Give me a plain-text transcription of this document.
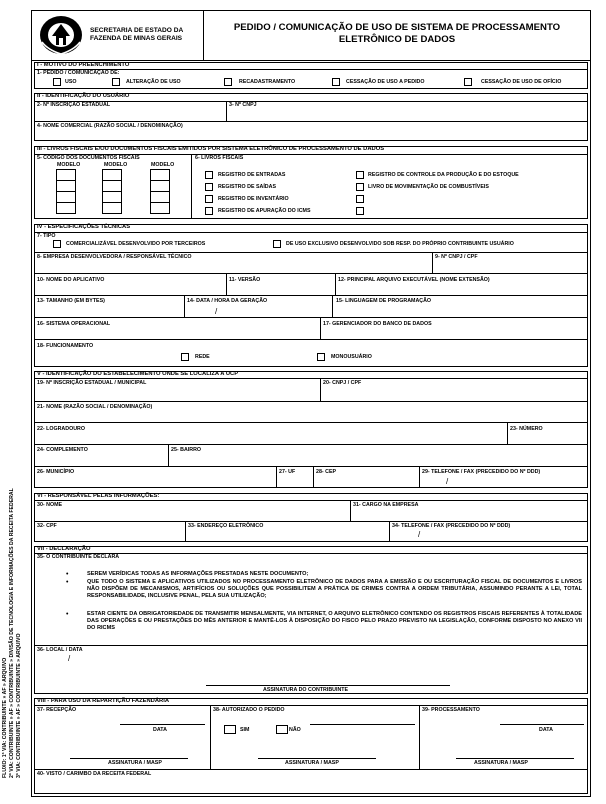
SECRETARIA DE ESTADO DA
FAZENDA DE MINAS GERAIS
PEDIDO / COMUNICAÇÃO DE USO DE SISTEMA DE PROCESSAMENTO
ELETRÔNICO DE DADOS
I - MOTIVO DO PREENCHIMENTO
1- PEDIDO / COMUNICAÇÃO DE:
USO	ALTERAÇÃO DE USO	RECADASTRAMENTO	CESSAÇÃO DE USO A PEDIDO	CESSAÇÃO DE USO DE OFÍCIO
II - IDENTIFICAÇÃO DO USUÁRIO
2- Nº INSCRIÇÃO ESTADUAL	3- Nº CNPJ
4- NOME COMERCIAL (RAZÃO SOCIAL / DENOMINAÇÃO)
III - LIVROS FISCAIS E/OU DOCUMENTOS FISCAIS EMITIDOS POR SISTEMA ELETRÔNICO DE PROCESSAMENTO DE DADOS
5- CÓDIGO DOS DOCUMENTOS FISCAIS
MODELO	MODELO	MODELO
6- LIVROS FISCAIS
REGISTRO DE ENTRADAS
REGISTRO DE SAÍDAS
REGISTRO DE INVENTÁRIO
REGISTRO DE APURAÇÃO DO ICMS
REGISTRO DE CONTROLE DA PRODUÇÃO E DO ESTOQUE
LIVRO DE MOVIMENTAÇÃO DE COMBUSTÍVEIS
IV - ESPECIFICAÇÕES TÉCNICAS
7- TIPO
COMERCIALIZÁVEL DESENVOLVIDO POR TERCEIROS	DE USO EXCLUSIVO DESENVOLVIDO SOB RESP. DO PRÓPRIO CONTRIBUINTE USUÁRIO
8- EMPRESA DESENVOLVEDORA / RESPONSÁVEL TÉCNICO	9- Nº CNPJ / CPF
10- NOME DO APLICATIVO	11- VERSÃO	12- PRINCIPAL ARQUIVO EXECUTÁVEL (NOME EXTENSÃO)
13- TAMANHO (EM BYTES)	14- DATA / HORA DA GERAÇÃO
/
15- LINGUAGEM DE PROGRAMAÇÃO
16- SISTEMA OPERACIONAL	17- GERENCIADOR DO BANCO DE DADOS
18- FUNCIONAMENTO
REDE	MONOUSUÁRIO
V - IDENTIFICAÇÃO DO ESTABELECIMENTO ONDE SE LOCALIZA A UCP
19- Nº INSCRIÇÃO ESTADUAL / MUNICIPAL	20- CNPJ / CPF
21- NOME (RAZÃO SOCIAL / DENOMINAÇÃO)
22- LOGRADOURO	23- NÚMERO
24- COMPLEMENTO	25- BAIRRO
26- MUNICÍPIO	27- UF	28- CEP	29- TELEFONE / FAX (PRECEDIDO DO Nº DDD)
/
VI - RESPONSÁVEL PELAS INFORMAÇÕES:
30- NOME	31- CARGO NA EMPRESA
32- CPF	33- ENDEREÇO ELETRÔNICO	34- TELEFONE / FAX (PRECEDIDO DO Nº DDD)
/
VII - DECLARAÇÃO
35- O CONTRIBUINTE DECLARA
•	SEREM VERÍDICAS TODAS AS INFORMAÇÕES PRESTADAS NESTE DOCUMENTO;
•	QUE TODO O SISTEMA E APLICATIVOS UTILIZADOS NO PROCESSAMENTO ELETRÔNICO DE DADOS PARA A EMISSÃO E OU ESCRITURAÇÃO FISCAL DE DOCUMENTOS E LIVROS NÃO DISPÕEM DE MECANISMOS, ARTIFÍCIOS OU SOLUÇÕES QUE POSSIBILITEM A PRÁTICA DE CRIMES CONTRA A ORDEM TRIBUTÁRIA, ASSUMINDO PERANTE A LEI, TOTAL RESPONSABILIDADE, INCLUSIVE PENAL, PELA SUA UTILIZAÇÃO;
•	ESTAR CIENTE DA OBRIGATORIEDADE DE TRANSMITIR MENSALMENTE, VIA INTERNET, O ARQUIVO ELETRÔNICO CONTENDO OS REGISTROS FISCAIS REFERENTES À TOTALIDADE DAS OPERAÇÕES E OU PRESTAÇÕES DO MÊS ANTERIOR E MANTÊ-LOS À DISPOSIÇÃO DO FISCO PELO PRAZO PREVISTO NA LEGISLAÇÃO, CONFORME DISPOSTO NO ANEXO VII DO RICMS
36- LOCAL / DATA
/
ASSINATURA DO CONTRIBUINTE
VIII - PARA USO DA REPARTIÇÃO FAZENDÁRIA
37- RECEPÇÃO	38- AUTORIZADO O PEDIDO	39- PROCESSAMENTO
DATA	SIM	NÃO	DATA
ASSINATURA / MASP	ASSINATURA / MASP	ASSINATURA / MASP
40- VISTO / CARIMBO DA RECEITA FEDERAL
FLUXO: 1ª VIA: CONTRIBUINTE » AF » ARQUIVO 2ª VIA: CONTRIBUINTE » AF » CONTRIBUINTE » DIVISÃO DE TECNOLOGIA E INFORMAÇÕES DA RECEITA FEDERAL 3ª VIA: CONTRIBUINTE » AF » CONTRIBUINTE » ARQUIVO
